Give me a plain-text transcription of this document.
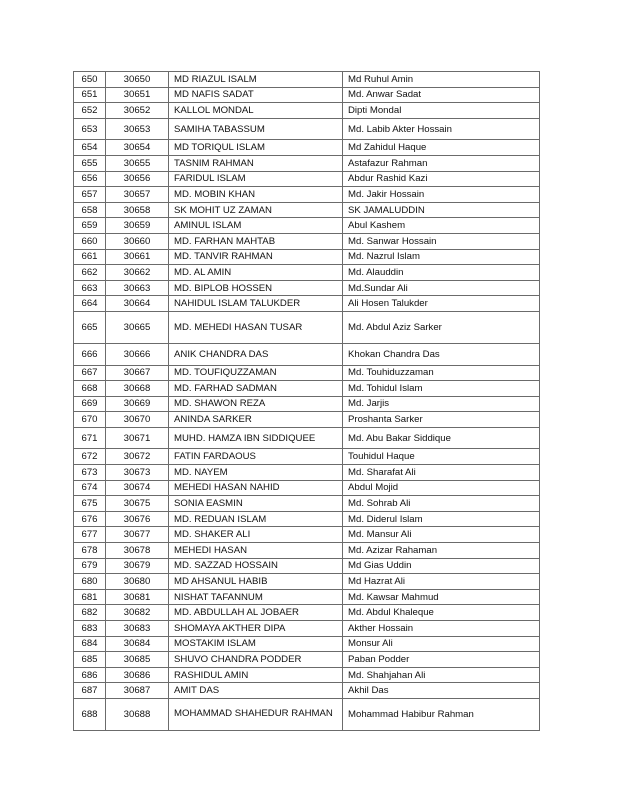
650	30650	MD RIAZUL ISALM	Md Ruhul Amin
651	30651	MD NAFIS SADAT	Md. Anwar Sadat
652	30652	KALLOL MONDAL	Dipti Mondal
653	30653	SAMIHA TABASSUM	Md. Labib Akter Hossain
654	30654	MD TORIQUL ISLAM	Md Zahidul Haque
655	30655	TASNIM RAHMAN	Astafazur Rahman
656	30656	FARIDUL ISLAM	Abdur Rashid Kazi
657	30657	MD. MOBIN KHAN	Md. Jakir Hossain
658	30658	SK MOHIT UZ ZAMAN	SK JAMALUDDIN
659	30659	AMINUL ISLAM	Abul Kashem
660	30660	MD. FARHAN MAHTAB	Md. Sanwar Hossain
661	30661	MD. TANVIR RAHMAN	Md. Nazrul Islam
662	30662	MD. AL AMIN	Md. Alauddin
663	30663	MD. BIPLOB HOSSEN	Md.Sundar Ali
664	30664	NAHIDUL ISLAM TALUKDER	Ali Hosen Talukder
665	30665	MD. MEHEDI HASAN TUSAR	Md. Abdul Aziz Sarker
666	30666	ANIK CHANDRA DAS	Khokan Chandra Das
667	30667	MD. TOUFIQUZZAMAN	Md. Touhiduzzaman
668	30668	MD. FARHAD SADMAN	Md. Tohidul Islam
669	30669	MD. SHAWON REZA	Md. Jarjis
670	30670	ANINDA SARKER	Proshanta Sarker
671	30671	MUHD. HAMZA IBN SIDDIQUEE	Md. Abu Bakar Siddique
672	30672	FATIN FARDAOUS	Touhidul Haque
673	30673	MD. NAYEM	Md. Sharafat Ali
674	30674	MEHEDI HASAN NAHID	Abdul Mojid
675	30675	SONIA EASMIN	Md. Sohrab Ali
676	30676	MD. REDUAN ISLAM	Md. Diderul Islam
677	30677	MD. SHAKER ALI	Md. Mansur Ali
678	30678	MEHEDI HASAN	Md. Azizar Rahaman
679	30679	MD. SAZZAD HOSSAIN	Md Gias Uddin
680	30680	MD AHSANUL HABIB	Md Hazrat Ali
681	30681	NISHAT TAFANNUM	Md. Kawsar Mahmud
682	30682	MD. ABDULLAH AL JOBAER	Md. Abdul Khaleque
683	30683	SHOMAYA AKTHER DIPA	Akther Hossain
684	30684	MOSTAKIM ISLAM	Monsur Ali
685	30685	SHUVO CHANDRA PODDER	Paban Podder
686	30686	RASHIDUL AMIN	Md. Shahjahan Ali
687	30687	AMIT DAS	Akhil Das
688	30688	MOHAMMAD SHAHEDUR RAHMAN	Mohammad Habibur Rahman
